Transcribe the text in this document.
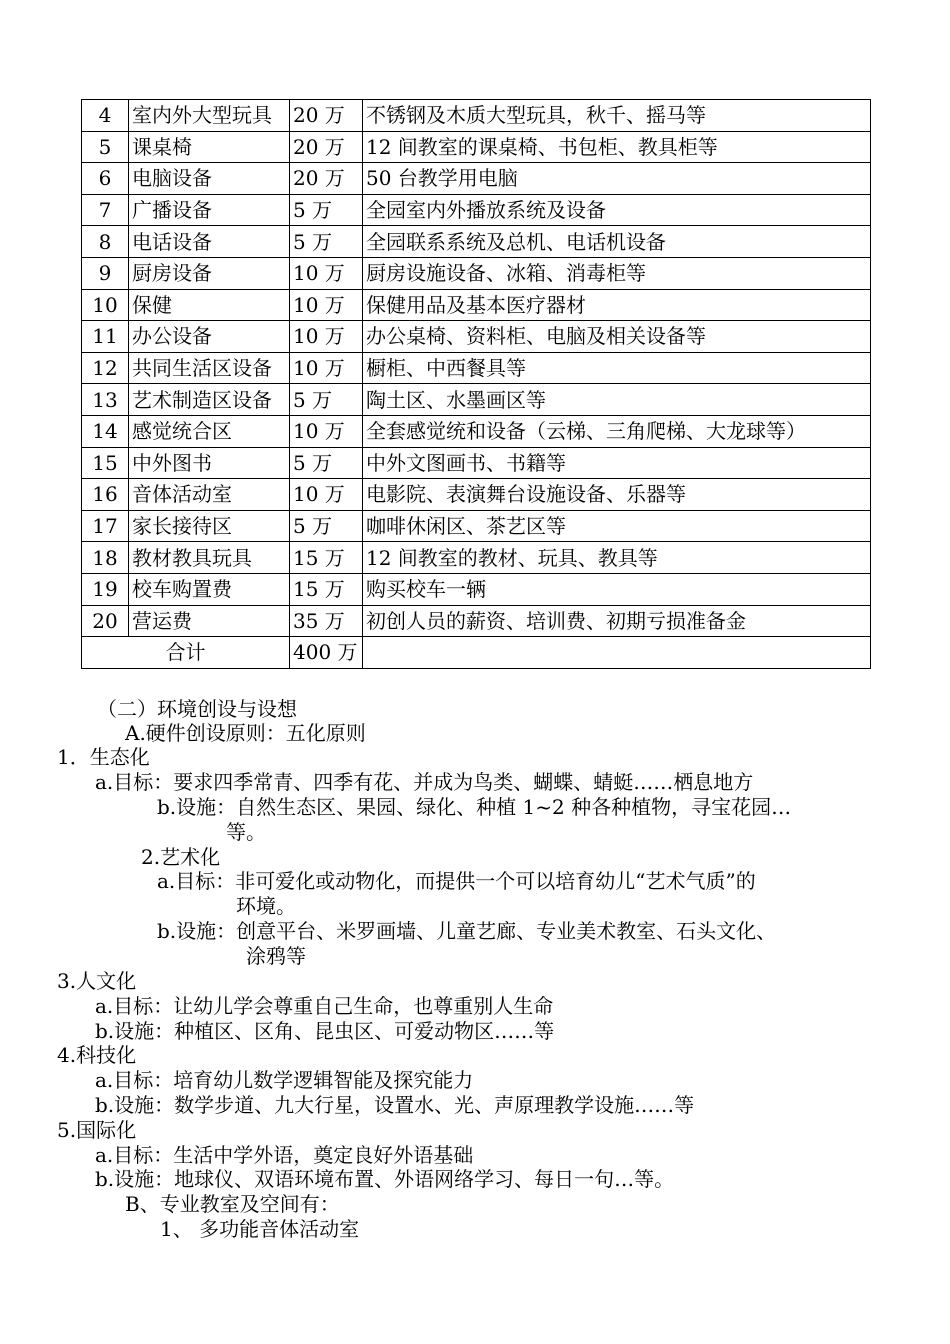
4	室内外大型玩具	20 万	不锈钢及木质大型玩具，秋千、摇马等
5	课桌椅	20 万	12 间教室的课桌椅、书包柜、教具柜等
6	电脑设备	20 万	50 台教学用电脑
7	广播设备	5 万	全园室内外播放系统及设备
8	电话设备	5 万	全园联系系统及总机、电话机设备
9	厨房设备	10 万	厨房设施设备、冰箱、消毒柜等
10	保健	10 万	保健用品及基本医疗器材
11	办公设备	10 万	办公桌椅、资料柜、电脑及相关设备等
12	共同生活区设备	10 万	橱柜、中西餐具等
13	艺术制造区设备	5 万	陶土区、水墨画区等
14	感觉统合区	10 万	全套感觉统和设备（云梯、三角爬梯、大龙球等）
15	中外图书	5 万	中外文图画书、书籍等
16	音体活动室	10 万	电影院、表演舞台设施设备、乐器等
17	家长接待区	5 万	咖啡休闲区、茶艺区等
18	教材教具玩具	15 万	12 间教室的教材、玩具、教具等
19	校车购置费	15 万	购买校车一辆
20	营运费	35 万	初创人员的薪资、培训费、初期亏损准备金
合计		400 万	
（二）环境创设与设想
A.硬件创设原则：五化原则
1．生态化
a.目标：要求四季常青、四季有花、并成为鸟类、蝴蝶、蜻蜓……栖息地方
b.设施：自然生态区、果园、绿化、种植 1~2 种各种植物，寻宝花园…
等。
2.艺术化
a.目标：非可爱化或动物化，而提供一个可以培育幼儿“艺术气质”的
环境。
b.设施：创意平台、米罗画墙、儿童艺廊、专业美术教室、石头文化、
涂鸦等
3.人文化
a.目标：让幼儿学会尊重自己生命，也尊重别人生命
b.设施：种植区、区角、昆虫区、可爱动物区……等
4.科技化
a.目标：培育幼儿数学逻辑智能及探究能力
b.设施：数学步道、九大行星，设置水、光、声原理教学设施……等
5.国际化
a.目标：生活中学外语，奠定良好外语基础
b.设施：地球仪、双语环境布置、外语网络学习、每日一句…等。
B、专业教室及空间有：
1、 多功能音体活动室
